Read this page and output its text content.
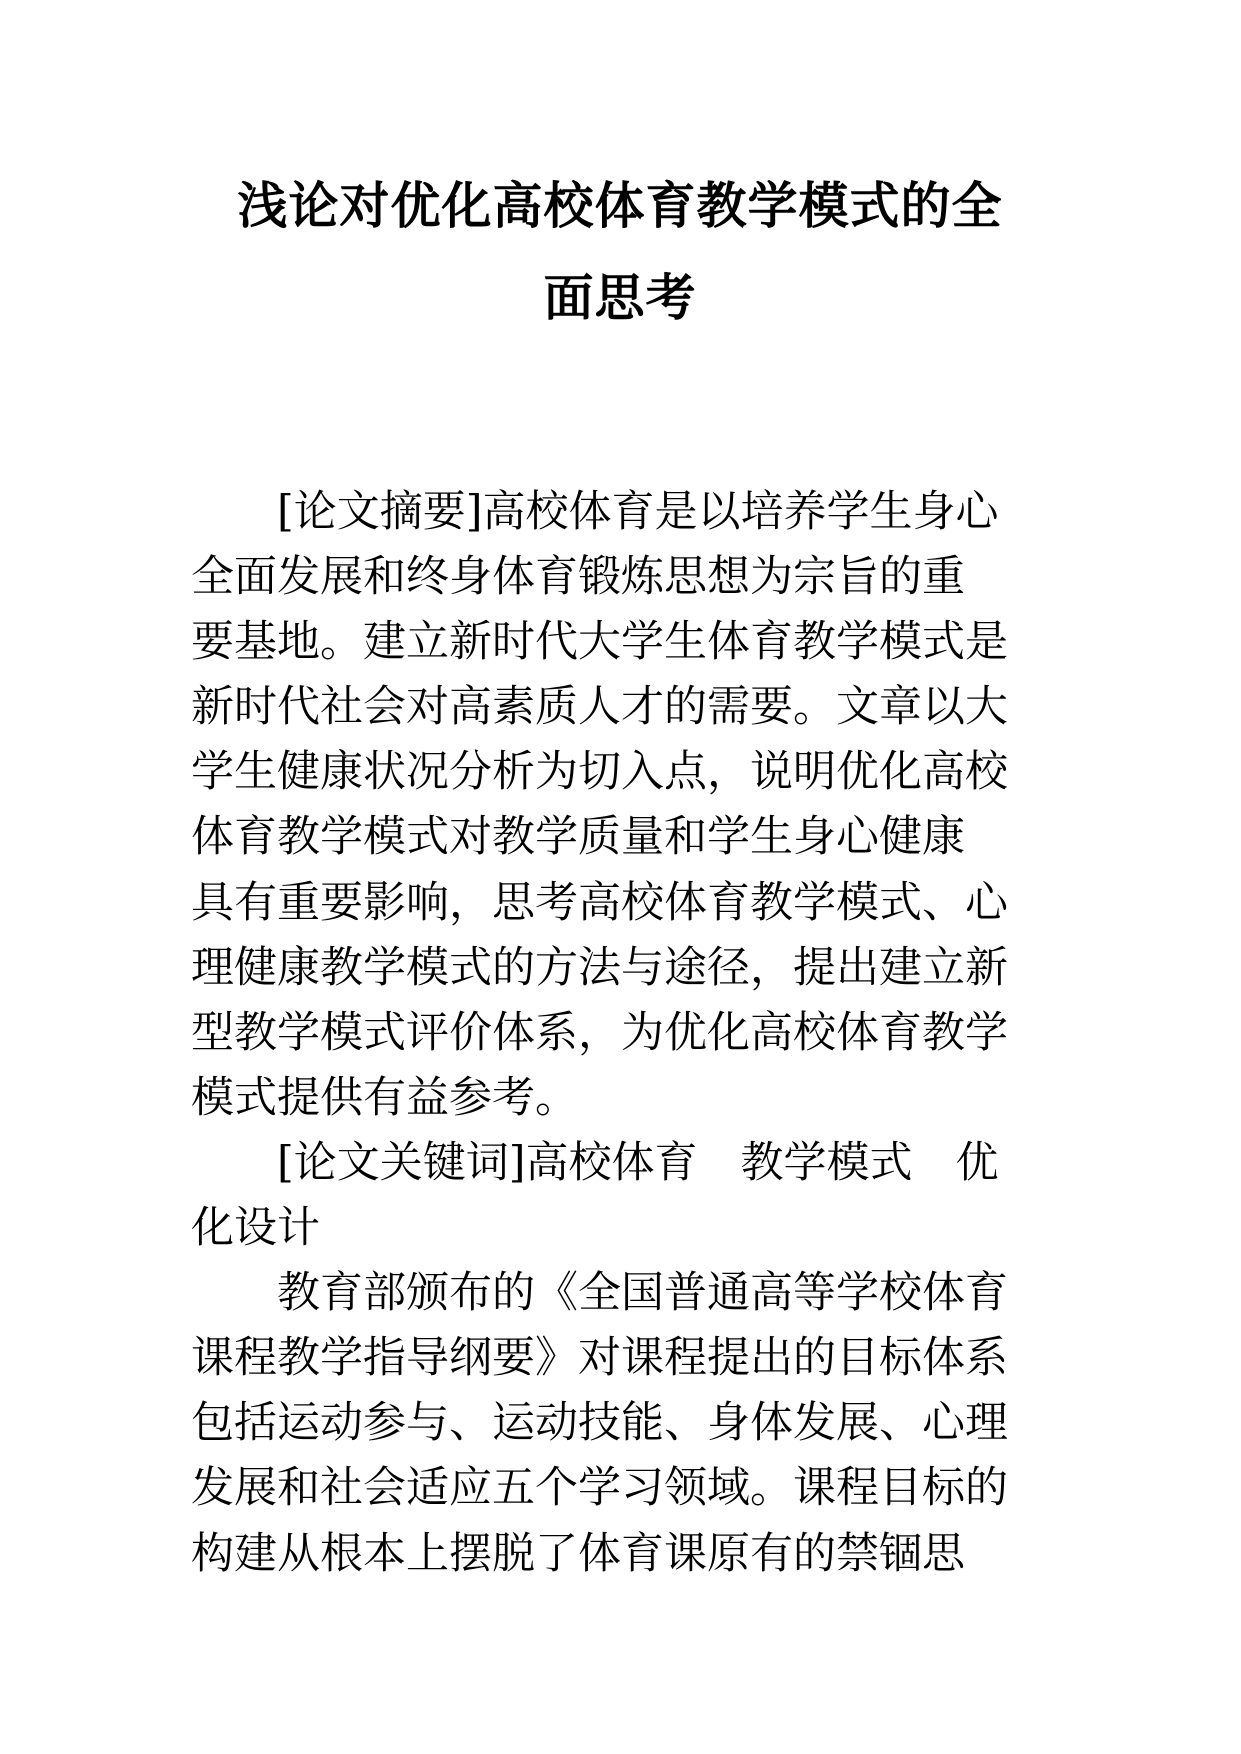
浅论对优化高校体育教学模式的全
面思考
[论文摘要]高校体育是以培养学生身心
全面发展和终身体育锻炼思想为宗旨的重
要基地。建立新时代大学生体育教学模式是
新时代社会对高素质人才的需要。文章以大
学生健康状况分析为切入点，说明优化高校
体育教学模式对教学质量和学生身心健康
具有重要影响，思考高校体育教学模式、心
理健康教学模式的方法与途径，提出建立新
型教学模式评价体系，为优化高校体育教学
模式提供有益参考。
[论文关键词]高校体育　教学模式　优
化设计
教育部颁布的《全国普通高等学校体育
课程教学指导纲要》对课程提出的目标体系
包括运动参与、运动技能、身体发展、心理
发展和社会适应五个学习领域。课程目标的
构建从根本上摆脱了体育课原有的禁锢思
